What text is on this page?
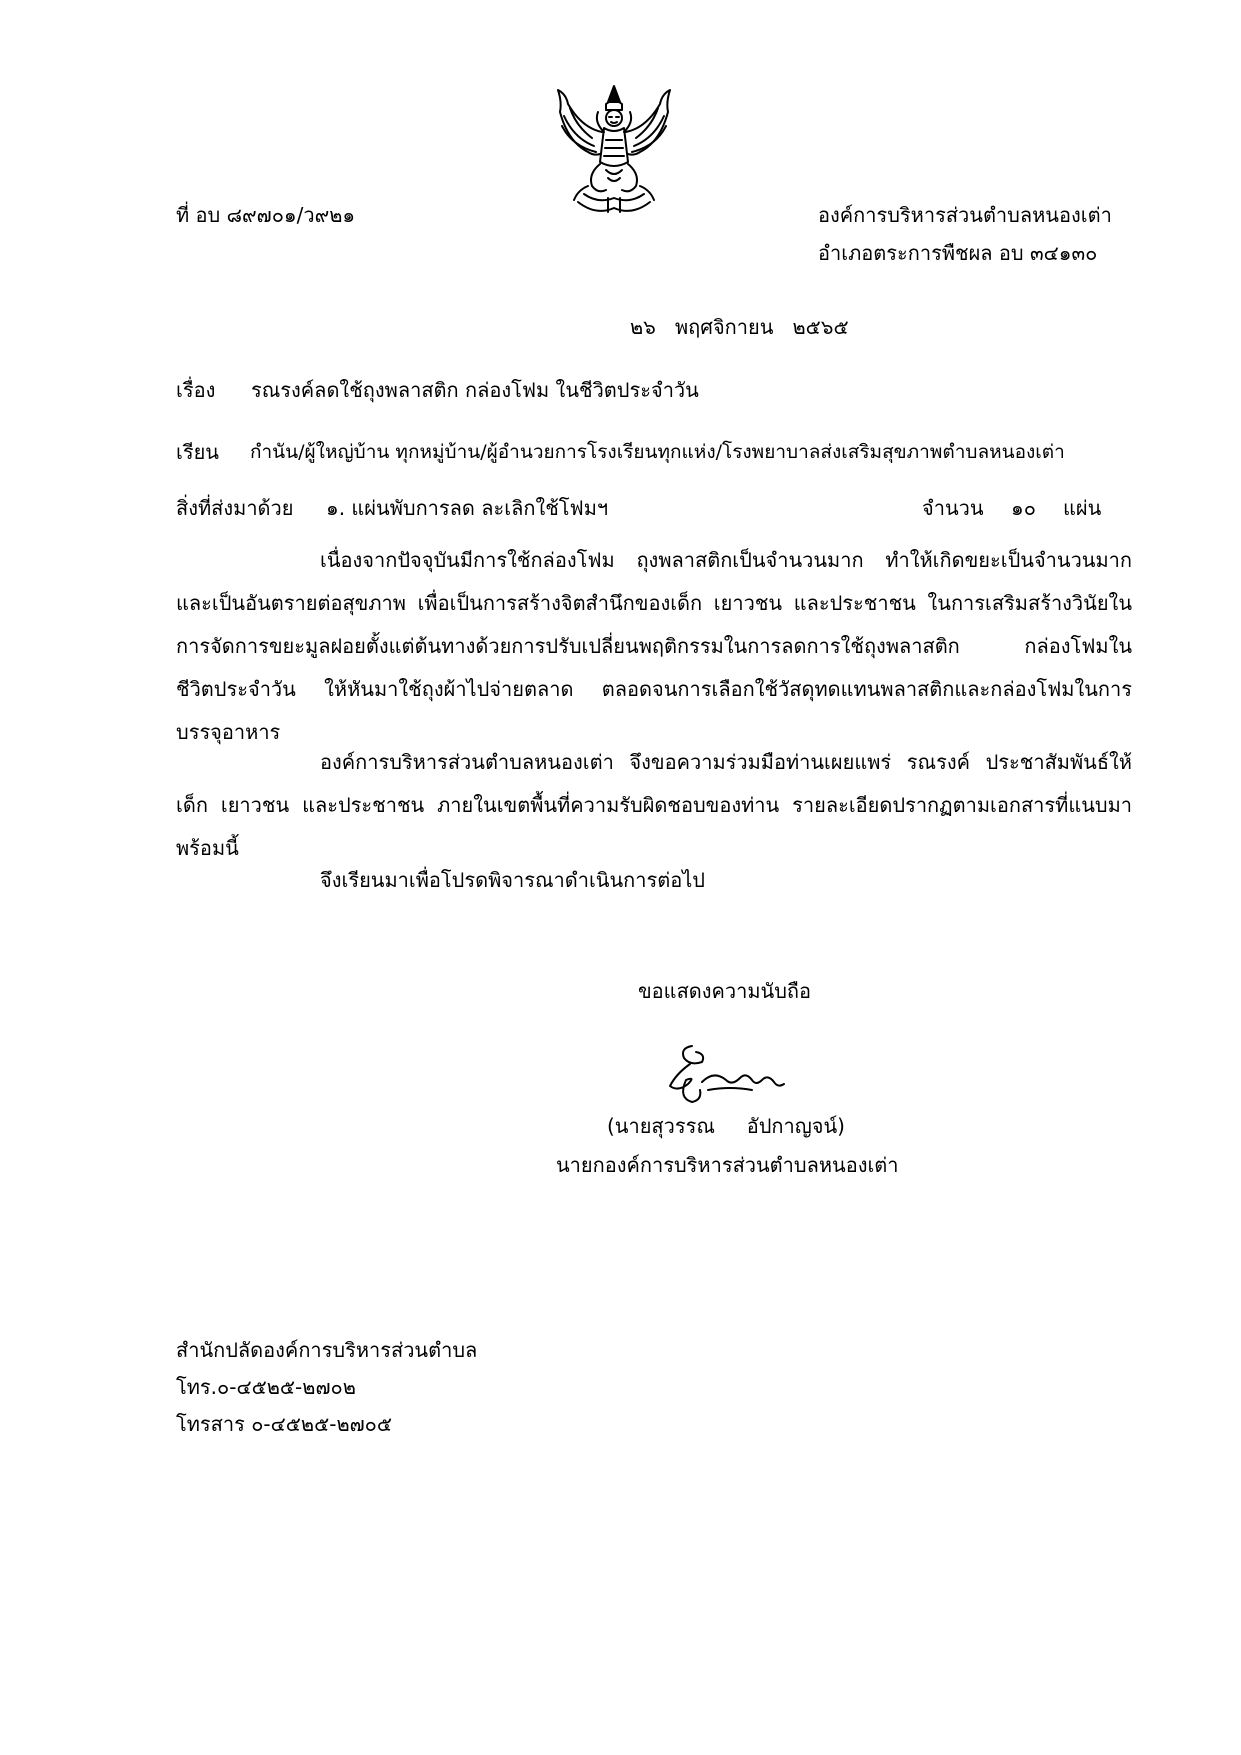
ที่ อบ ๘๙๗๐๑/ว๙๒๑	องค์การบริหารส่วนตำบลหนองเต่า
อำเภอตระการพืชผล อบ ๓๔๑๓๐
๒๖   พฤศจิกายน   ๒๕๖๕
เรื่อง รณรงค์ลดใช้ถุงพลาสติก กล่องโฟม ในชีวิตประจำวัน
เรียน กำนัน/ผู้ใหญ่บ้าน ทุกหมู่บ้าน/ผู้อำนวยการโรงเรียนทุกแห่ง/โรงพยาบาลส่งเสริมสุขภาพตำบลหนองเต่า
สิ่งที่ส่งมาด้วย ๑. แผ่นพับการลด ละเลิกใช้โฟมฯ	จำนวน ๑๐ แผ่น
เนื่องจากปัจจุบันมีการใช้กล่องโฟม ถุงพลาสติกเป็นจำนวนมาก ทำให้เกิดขยะเป็นจำนวนมาก
และเป็นอันตรายต่อสุขภาพ เพื่อเป็นการสร้างจิตสำนึกของเด็ก เยาวชน และประชาชน ในการเสริมสร้างวินัยใน
การจัดการขยะมูลฝอยตั้งแต่ต้นทางด้วยการปรับเปลี่ยนพฤติกรรมในการลดการใช้ถุงพลาสติก กล่องโฟมใน
ชีวิตประจำวัน ให้หันมาใช้ถุงผ้าไปจ่ายตลาด ตลอดจนการเลือกใช้วัสดุทดแทนพลาสติกและกล่องโฟมในการ
บรรจุอาหาร
องค์การบริหารส่วนตำบลหนองเต่า จึงขอความร่วมมือท่านเผยแพร่ รณรงค์ ประชาสัมพันธ์ให้
เด็ก เยาวชน และประชาชน ภายในเขตพื้นที่ความรับผิดชอบของท่าน รายละเอียดปรากฏตามเอกสารที่แนบมา
พร้อมนี้
จึงเรียนมาเพื่อโปรดพิจารณาดำเนินการต่อไป
ขอแสดงความนับถือ
(นายสุวรรณ     อัปกาญจน์)
นายกองค์การบริหารส่วนตำบลหนองเต่า
สำนักปลัดองค์การบริหารส่วนตำบล
โทร.๐-๔๕๒๕-๒๗๐๒
โทรสาร ๐-๔๕๒๕-๒๗๐๕
